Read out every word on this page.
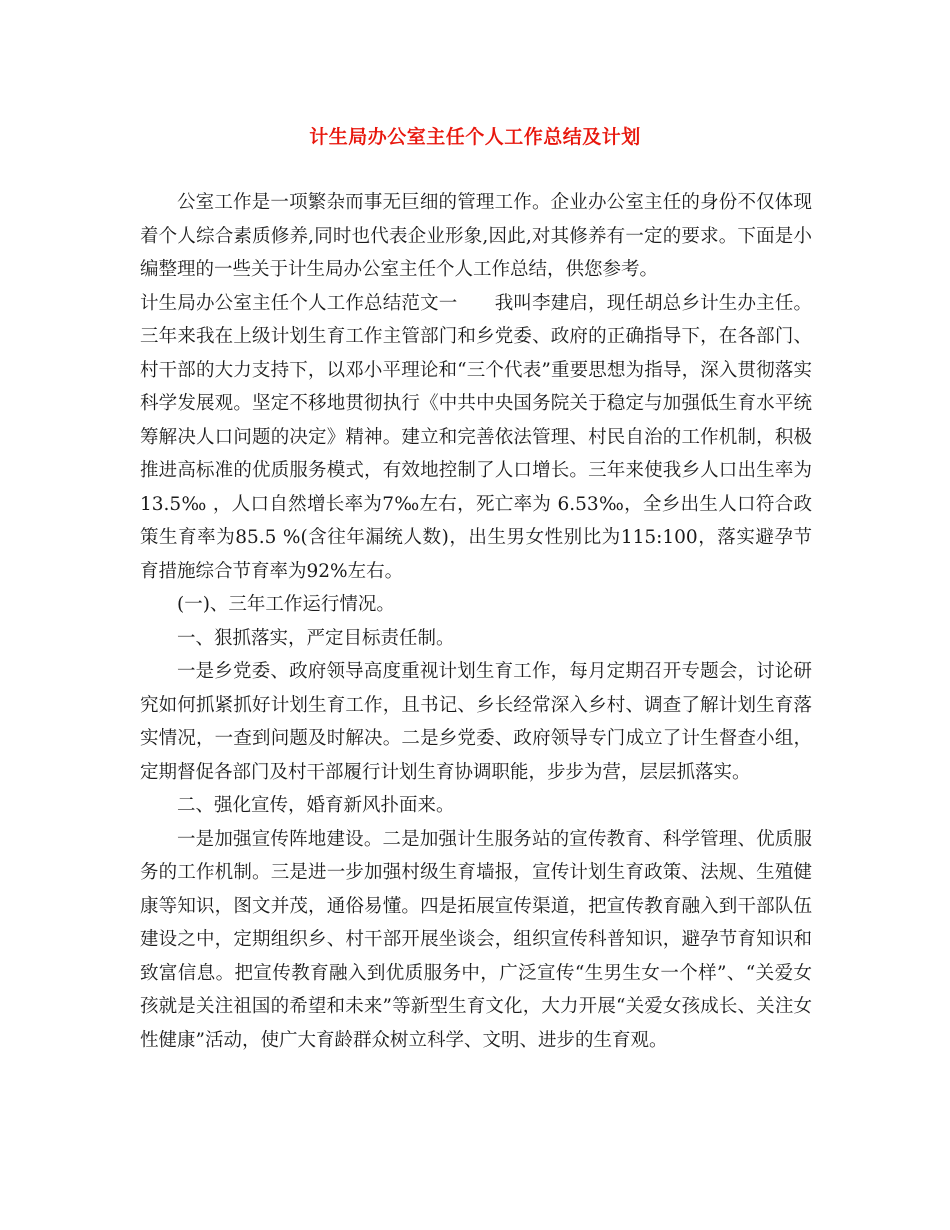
计生局办公室主任个人工作总结及计划

公室工作是一项繁杂而事无巨细的管理工作。企业办公室主任的身份不仅体现着个人综合素质修养,同时也代表企业形象,因此,对其修养有一定的要求。下面是小编整理的一些关于计生局办公室主任个人工作总结，供您参考。

计生局办公室主任个人工作总结范文一　　我叫李建启，现任胡总乡计生办主任。三年来我在上级计划生育工作主管部门和乡党委、政府的正确指导下，在各部门、村干部的大力支持下，以邓小平理论和“三个代表”重要思想为指导，深入贯彻落实科学发展观。坚定不移地贯彻执行《中共中央国务院关于稳定与加强低生育水平统筹解决人口问题的决定》精神。建立和完善依法管理、村民自治的工作机制，积极推进高标准的优质服务模式，有效地控制了人口增长。三年来使我乡人口出生率为 13.5‰ ，人口自然增长率为7‰左右，死亡率为 6.53‰，全乡出生人口符合政策生育率为85.5 %(含往年漏统人数)，出生男女性别比为115:100，落实避孕节育措施综合节育率为92%左右。

(一)、三年工作运行情况。

一、狠抓落实，严定目标责任制。

一是乡党委、政府领导高度重视计划生育工作，每月定期召开专题会，讨论研究如何抓紧抓好计划生育工作，且书记、乡长经常深入乡村、调查了解计划生育落实情况，一查到问题及时解决。二是乡党委、政府领导专门成立了计生督查小组，定期督促各部门及村干部履行计划生育协调职能，步步为营，层层抓落实。

二、强化宣传，婚育新风扑面来。

一是加强宣传阵地建设。二是加强计生服务站的宣传教育、科学管理、优质服务的工作机制。三是进一步加强村级生育墙报，宣传计划生育政策、法规、生殖健康等知识，图文并茂，通俗易懂。四是拓展宣传渠道，把宣传教育融入到干部队伍建设之中，定期组织乡、村干部开展坐谈会，组织宣传科普知识，避孕节育知识和致富信息。把宣传教育融入到优质服务中，广泛宣传“生男生女一个样”、“关爱女孩就是关注祖国的希望和未来”等新型生育文化，大力开展“关爱女孩成长、关注女性健康”活动，使广大育龄群众树立科学、文明、进步的生育观。
